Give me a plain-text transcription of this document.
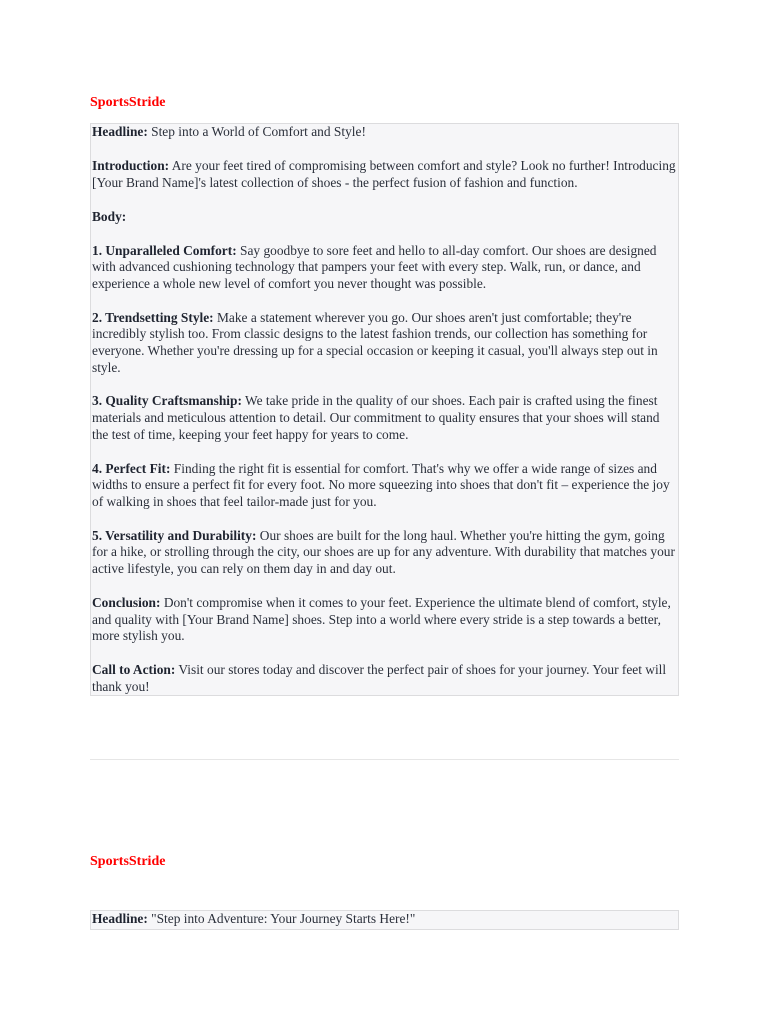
SportsStride

Headline: Step into a World of Comfort and Style!

Introduction: Are your feet tired of compromising between comfort and style? Look no further! Introducing [Your Brand Name]'s latest collection of shoes - the perfect fusion of fashion and function.

Body:

1. Unparalleled Comfort: Say goodbye to sore feet and hello to all-day comfort. Our shoes are designed with advanced cushioning technology that pampers your feet with every step. Walk, run, or dance, and experience a whole new level of comfort you never thought was possible.

2. Trendsetting Style: Make a statement wherever you go. Our shoes aren't just comfortable; they're incredibly stylish too. From classic designs to the latest fashion trends, our collection has something for everyone. Whether you're dressing up for a special occasion or keeping it casual, you'll always step out in style.

3. Quality Craftsmanship: We take pride in the quality of our shoes. Each pair is crafted using the finest materials and meticulous attention to detail. Our commitment to quality ensures that your shoes will stand the test of time, keeping your feet happy for years to come.

4. Perfect Fit: Finding the right fit is essential for comfort. That's why we offer a wide range of sizes and widths to ensure a perfect fit for every foot. No more squeezing into shoes that don't fit – experience the joy of walking in shoes that feel tailor-made just for you.

5. Versatility and Durability: Our shoes are built for the long haul. Whether you're hitting the gym, going for a hike, or strolling through the city, our shoes are up for any adventure. With durability that matches your active lifestyle, you can rely on them day in and day out.

Conclusion: Don't compromise when it comes to your feet. Experience the ultimate blend of comfort, style, and quality with [Your Brand Name] shoes. Step into a world where every stride is a step towards a better, more stylish you.

Call to Action: Visit our stores today and discover the perfect pair of shoes for your journey. Your feet will thank you!

SportsStride
Headline: "Step into Adventure: Your Journey Starts Here!"
